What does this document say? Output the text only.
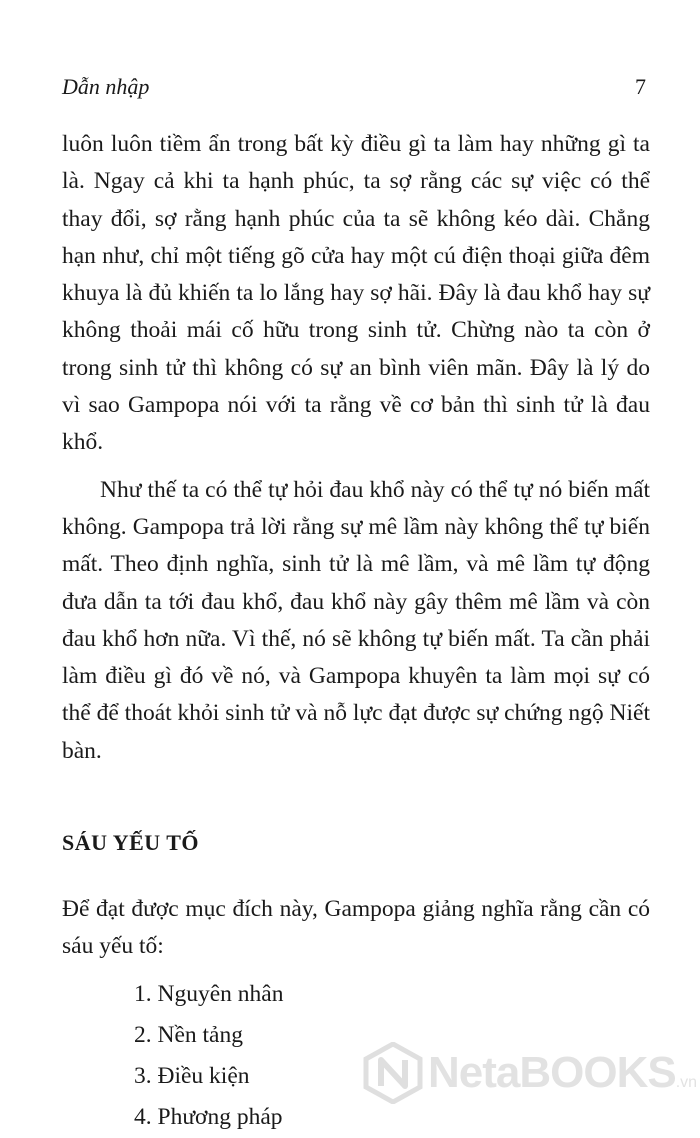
Dẫn nhập	7

luôn luôn tiềm ẩn trong bất kỳ điều gì ta làm hay những gì ta là. Ngay cả khi ta hạnh phúc, ta sợ rằng các sự việc có thể thay đổi, sợ rằng hạnh phúc của ta sẽ không kéo dài. Chẳng hạn như, chỉ một tiếng gõ cửa hay một cú điện thoại giữa đêm khuya là đủ khiến ta lo lắng hay sợ hãi. Đây là đau khổ hay sự không thoải mái cố hữu trong sinh tử. Chừng nào ta còn ở trong sinh tử thì không có sự an bình viên mãn. Đây là lý do vì sao Gampopa nói với ta rằng về cơ bản thì sinh tử là đau khổ.

Như thế ta có thể tự hỏi đau khổ này có thể tự nó biến mất không. Gampopa trả lời rằng sự mê lầm này không thể tự biến mất. Theo định nghĩa, sinh tử là mê lầm, và mê lầm tự động đưa dẫn ta tới đau khổ, đau khổ này gây thêm mê lầm và còn đau khổ hơn nữa. Vì thế, nó sẽ không tự biến mất. Ta cần phải làm điều gì đó về nó, và Gampopa khuyên ta làm mọi sự có thể để thoát khỏi sinh tử và nỗ lực đạt được sự chứng ngộ Niết bàn.

SÁU YẾU TỐ

Để đạt được mục đích này, Gampopa giảng nghĩa rằng cần có sáu yếu tố:

1. Nguyên nhân
2. Nền tảng
3. Điều kiện
4. Phương pháp
NetaBOOKS.vn
